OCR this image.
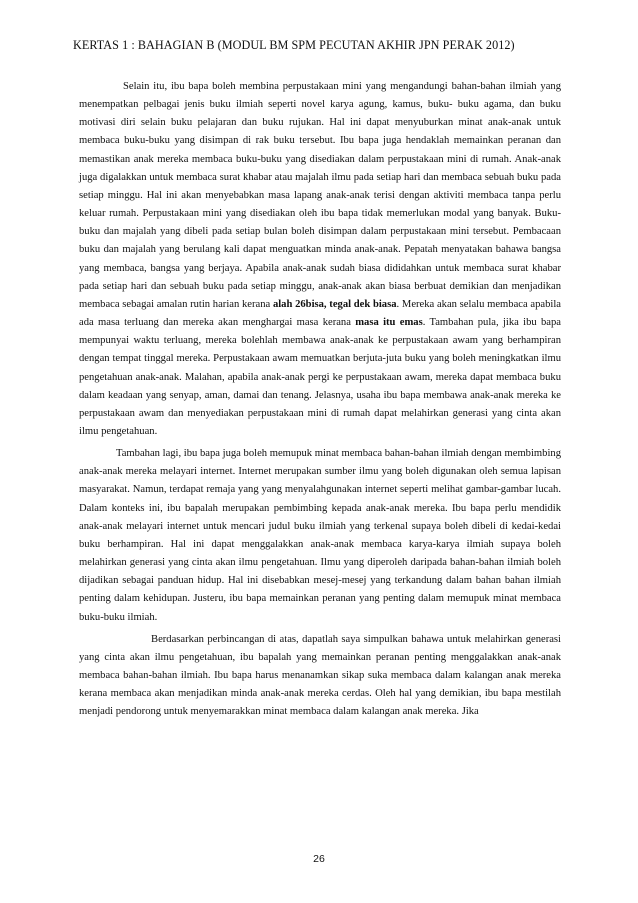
KERTAS 1 : BAHAGIAN B (MODUL BM SPM PECUTAN AKHIR JPN PERAK 2012)

Selain itu, ibu bapa boleh membina perpustakaan mini yang mengandungi bahan-bahan ilmiah yang menempatkan pelbagai jenis buku ilmiah seperti novel karya agung, kamus, buku- buku agama, dan buku motivasi diri selain buku pelajaran dan buku rujukan. Hal ini dapat menyuburkan minat anak-anak untuk membaca buku-buku yang disimpan di rak buku tersebut. Ibu bapa juga hendaklah memainkan peranan dan memastikan anak mereka membaca buku-buku yang disediakan dalam perpustakaan mini di rumah. Anak-anak juga digalakkan untuk membaca surat khabar atau majalah ilmu pada setiap hari dan membaca sebuah buku pada setiap minggu. Hal ini akan menyebabkan masa lapang anak-anak terisi dengan aktiviti membaca tanpa perlu keluar rumah. Perpustakaan mini yang disediakan oleh ibu bapa tidak memerlukan modal yang banyak. Buku-buku dan majalah yang dibeli pada setiap bulan boleh disimpan dalam perpustakaan mini tersebut. Pembacaan buku dan majalah yang berulang kali dapat menguatkan minda anak-anak. Pepatah menyatakan bahawa bangsa yang membaca, bangsa yang berjaya. Apabila anak-anak sudah biasa dididahkan untuk membaca surat khabar pada setiap hari dan sebuah buku pada setiap minggu, anak-anak akan biasa berbuat demikian dan menjadikan membaca sebagai amalan rutin harian kerana alah 26bisa, tegal dek biasa. Mereka akan selalu membaca apabila ada masa terluang dan mereka akan menghargai masa kerana masa itu emas. Tambahan pula, jika ibu bapa mempunyai waktu terluang, mereka bolehlah membawa anak-anak ke perpustakaan awam yang berhampiran dengan tempat tinggal mereka. Perpustakaan awam memuatkan berjuta-juta buku yang boleh meningkatkan ilmu pengetahuan anak-anak. Malahan, apabila anak-anak pergi ke perpustakaan awam, mereka dapat membaca buku dalam keadaan yang senyap, aman, damai dan tenang. Jelasnya, usaha ibu bapa membawa anak-anak mereka ke perpustakaan awam dan menyediakan perpustakaan mini di rumah dapat melahirkan generasi yang cinta akan ilmu pengetahuan.

Tambahan lagi, ibu bapa juga boleh memupuk minat membaca bahan-bahan ilmiah dengan membimbing anak-anak mereka melayari internet. Internet merupakan sumber ilmu yang boleh digunakan oleh semua lapisan masyarakat. Namun, terdapat remaja yang yang menyalahgunakan internet seperti melihat gambar-gambar lucah. Dalam konteks ini, ibu bapalah merupakan pembimbing kepada anak-anak mereka. Ibu bapa perlu mendidik anak-anak melayari internet untuk mencari judul buku ilmiah yang terkenal supaya boleh dibeli di kedai-kedai buku berhampiran. Hal ini dapat menggalakkan anak-anak membaca karya-karya ilmiah supaya boleh melahirkan generasi yang cinta akan ilmu pengetahuan. Ilmu yang diperoleh daripada bahan-bahan ilmiah boleh dijadikan sebagai panduan hidup. Hal ini disebabkan mesej-mesej yang terkandung dalam bahan bahan ilmiah penting dalam kehidupan. Justeru, ibu bapa memainkan peranan yang penting dalam memupuk minat membaca buku-buku ilmiah.

Berdasarkan perbincangan di atas, dapatlah saya simpulkan bahawa untuk melahirkan generasi yang cinta akan ilmu pengetahuan, ibu bapalah yang memainkan peranan penting menggalakkan anak-anak membaca bahan-bahan ilmiah. Ibu bapa harus menanamkan sikap suka membaca dalam kalangan anak mereka kerana membaca akan menjadikan minda anak-anak mereka cerdas. Oleh hal yang demikian, ibu bapa mestilah menjadi pendorong untuk menyemarakkan minat membaca dalam kalangan anak mereka. Jika

26
